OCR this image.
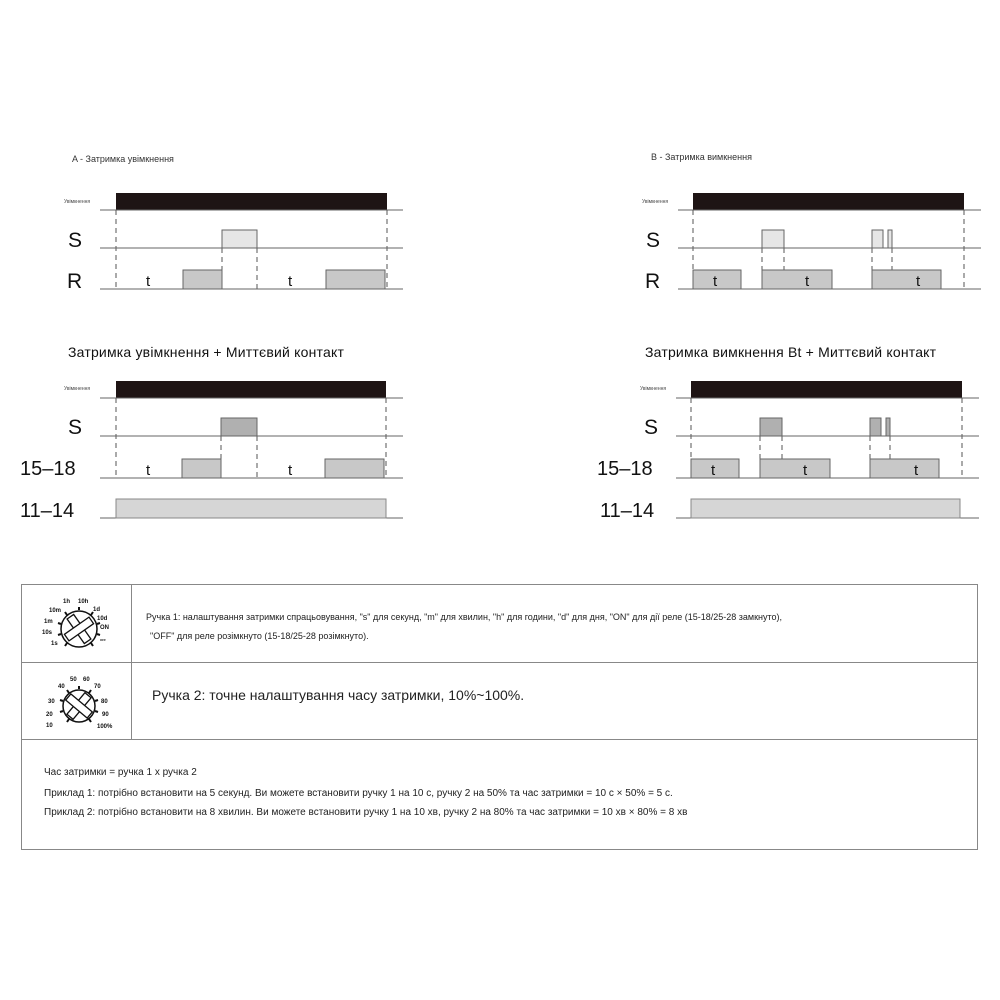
A - Затримка увімкнення
Увімкнення
S
R	t	t
B - Затримка вимкнення
Увімкнення
S
R	t	t	t
Затримка увімкнення + Миттєвий контакт
Увімкнення
S
15–18
11–14
t	t
Затримка вимкнення Bt + Миттєвий контакт
Увімкнення
S
15–18
11–14
t	t	t
1s
10s
1m
10m
1h 10h
1d
10d
ON
OFF
Ручка 1: налаштування затримки спрацьовування, "s" для секунд, "m" для хвилин, "h" для години, "d" для дня, "ON" для дії реле (15-18/25-28 замкнуто),
"OFF" для реле розімкнуто (15-18/25-28 розімкнуто).
10
20
30
40
50 60
70
80
90
100%
Ручка 2: точне налаштування часу затримки, 10%~100%.
Час затримки = ручка 1 х ручка 2
Приклад 1: потрібно встановити на 5 секунд. Ви можете встановити ручку 1 на 10 с, ручку 2 на 50% та час затримки = 10 с × 50% = 5 с.
Приклад 2: потрібно встановити на 8 хвилин. Ви можете встановити ручку 1 на 10 хв, ручку 2 на 80% та час затримки = 10 хв × 80% = 8 хв
